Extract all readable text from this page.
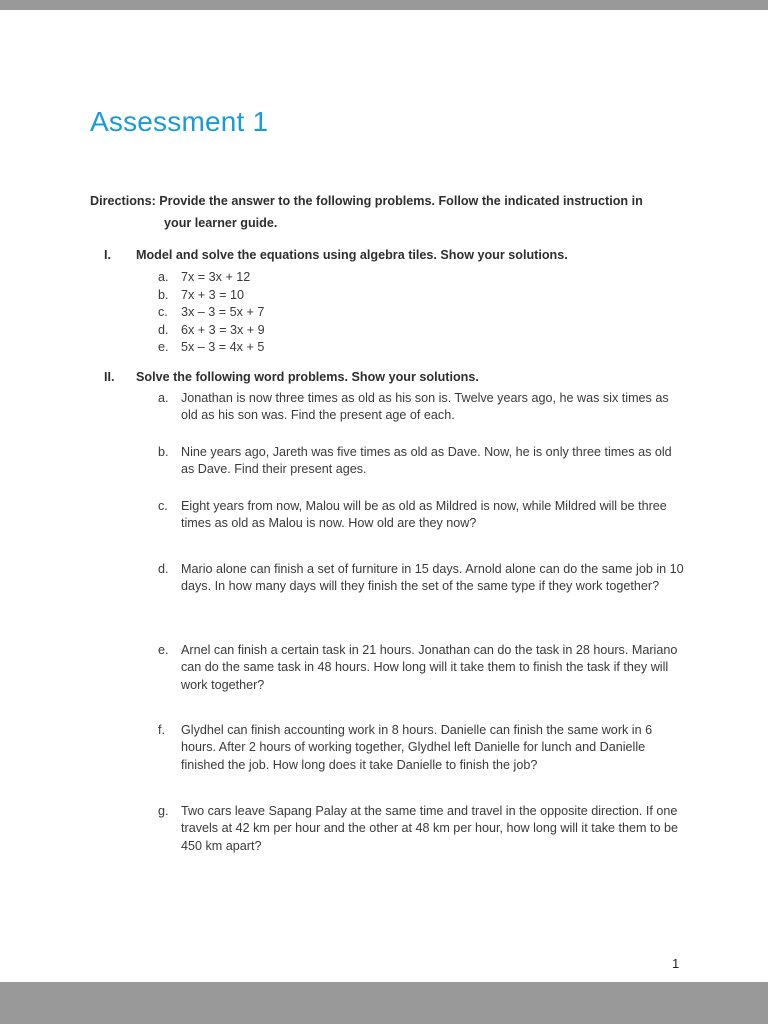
Assessment 1
Directions: Provide the answer to the following problems. Follow the indicated instruction in
your learner guide.
I. Model and solve the equations using algebra tiles. Show your solutions.
a. 7x = 3x + 12
b. 7x + 3 = 10
c. 3x – 3 = 5x + 7
d. 6x + 3 = 3x + 9
e. 5x – 3 = 4x + 5
II. Solve the following word problems. Show your solutions.
a. Jonathan is now three times as old as his son is. Twelve years ago, he was six times as old as his son was. Find the present age of each.
b. Nine years ago, Jareth was five times as old as Dave. Now, he is only three times as old as Dave. Find their present ages.
c. Eight years from now, Malou will be as old as Mildred is now, while Mildred will be three times as old as Malou is now. How old are they now?
d. Mario alone can finish a set of furniture in 15 days. Arnold alone can do the same job in 10 days. In how many days will they finish the set of the same type if they work together?
e. Arnel can finish a certain task in 21 hours. Jonathan can do the task in 28 hours. Mariano can do the same task in 48 hours. How long will it take them to finish the task if they will work together?
f. Glydhel can finish accounting work in 8 hours. Danielle can finish the same work in 6 hours. After 2 hours of working together, Glydhel left Danielle for lunch and Danielle finished the job. How long does it take Danielle to finish the job?
g. Two cars leave Sapang Palay at the same time and travel in the opposite direction. If one travels at 42 km per hour and the other at 48 km per hour, how long will it take them to be 450 km apart?
1
